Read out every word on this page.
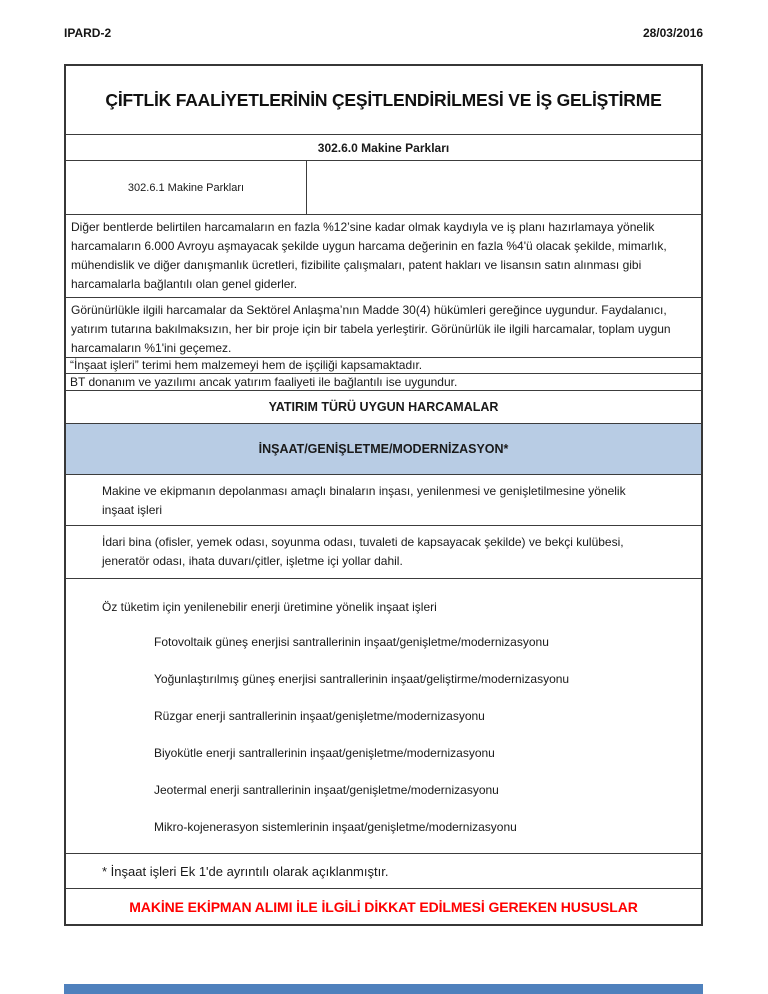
IPARD-2	28/03/2016
ÇİFTLİK FAALİYETLERİNİN ÇEŞİTLENDİRİLMESİ VE İŞ GELİŞTİRME
302.6.0 Makine Parkları
302.6.1 Makine Parkları
Diğer bentlerde belirtilen harcamaların en fazla %12’sine kadar olmak kaydıyla ve iş planı hazırlamaya yönelik harcamaların 6.000 Avroyu aşmayacak şekilde uygun harcama değerinin en fazla %4'ü olacak şekilde, mimarlık, mühendislik ve diğer danışmanlık ücretleri, fizibilite çalışmaları, patent hakları ve lisansın satın alınması gibi harcamalarla bağlantılı olan genel giderler.
Görünürlükle ilgili harcamalar da Sektörel Anlaşma’nın Madde 30(4) hükümleri gereğince uygundur. Faydalanıcı, yatırım tutarına bakılmaksızın, her bir proje için bir tabela yerleştirir. Görünürlük ile ilgili harcamalar, toplam uygun harcamaların %1'ini geçemez.
“İnşaat işleri” terimi hem malzemeyi hem de işçiliği kapsamaktadır.
BT donanım ve yazılımı ancak yatırım faaliyeti ile bağlantılı ise uygundur.
YATIRIM TÜRÜ UYGUN HARCAMALAR
İNŞAAT/GENİŞLETME/MODERNİZASYON*
Makine ve ekipmanın depolanması amaçlı binaların inşası, yenilenmesi ve genişletilmesine yönelik inşaat işleri
İdari bina (ofisler, yemek odası, soyunma odası, tuvaleti de kapsayacak şekilde) ve bekçi kulübesi, jeneratör odası, ihata duvarı/çitler, işletme içi yollar dahil.
Öz tüketim için yenilenebilir enerji üretimine yönelik inşaat işleri
Fotovoltaik güneş enerjisi santrallerinin inşaat/genişletme/modernizasyonu
Yoğunlaştırılmış güneş enerjisi santrallerinin inşaat/geliştirme/modernizasyonu
Rüzgar enerji santrallerinin inşaat/genişletme/modernizasyonu
Biyokütle enerji santrallerinin inşaat/genişletme/modernizasyonu
Jeotermal enerji santrallerinin inşaat/genişletme/modernizasyonu
Mikro-kojenerasyon sistemlerinin inşaat/genişletme/modernizasyonu
* İnşaat işleri Ek 1'de ayrıntılı olarak açıklanmıştır.
MAKİNE EKİPMAN ALIMI İLE İLGİLİ DİKKAT EDİLMESİ GEREKEN HUSUSLAR
